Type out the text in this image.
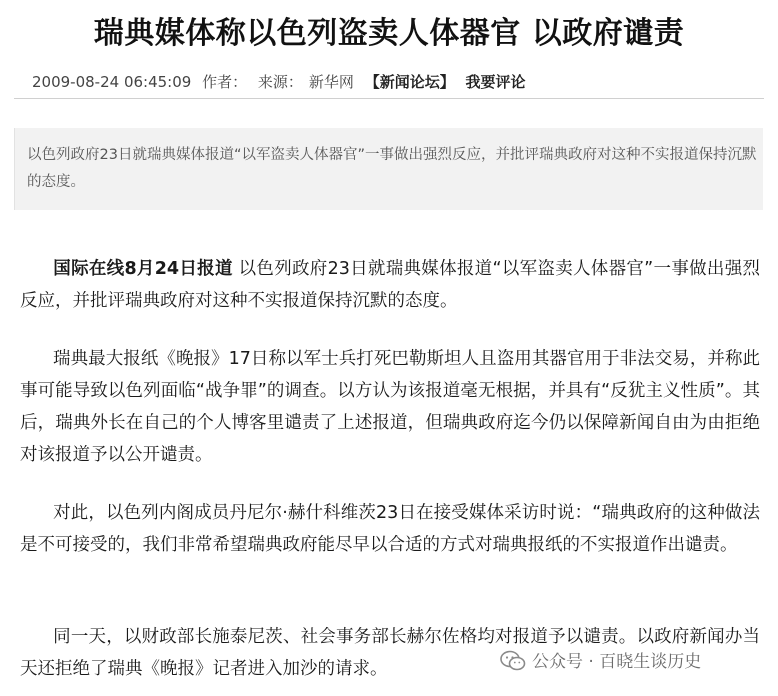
瑞典媒体称以色列盗卖人体器官 以政府谴责
2009-08-24 06:45:09 作者： 来源： 新华网 【新闻论坛】 我要评论
以色列政府23日就瑞典媒体报道“以军盗卖人体器官”一事做出强烈反应，并批评瑞典政府对这种不实报道保持沉默的态度。
国际在线8月24日报道 以色列政府23日就瑞典媒体报道“以军盗卖人体器官”一事做出强烈反应，并批评瑞典政府对这种不实报道保持沉默的态度。
瑞典最大报纸《晚报》17日称以军士兵打死巴勒斯坦人且盗用其器官用于非法交易，并称此事可能导致以色列面临“战争罪”的调查。以方认为该报道毫无根据，并具有“反犹主义性质”。其后，瑞典外长在自己的个人博客里谴责了上述报道，但瑞典政府迄今仍以保障新闻自由为由拒绝对该报道予以公开谴责。
对此，以色列内阁成员丹尼尔·赫什科维茨23日在接受媒体采访时说：“瑞典政府的这种做法是不可接受的，我们非常希望瑞典政府能尽早以合适的方式对瑞典报纸的不实报道作出谴责。
同一天，以财政部长施泰尼茨、社会事务部长赫尔佐格均对报道予以谴责。以政府新闻办当天还拒绝了瑞典《晚报》记者进入加沙的请求。	公众号 · 百晓生谈历史
